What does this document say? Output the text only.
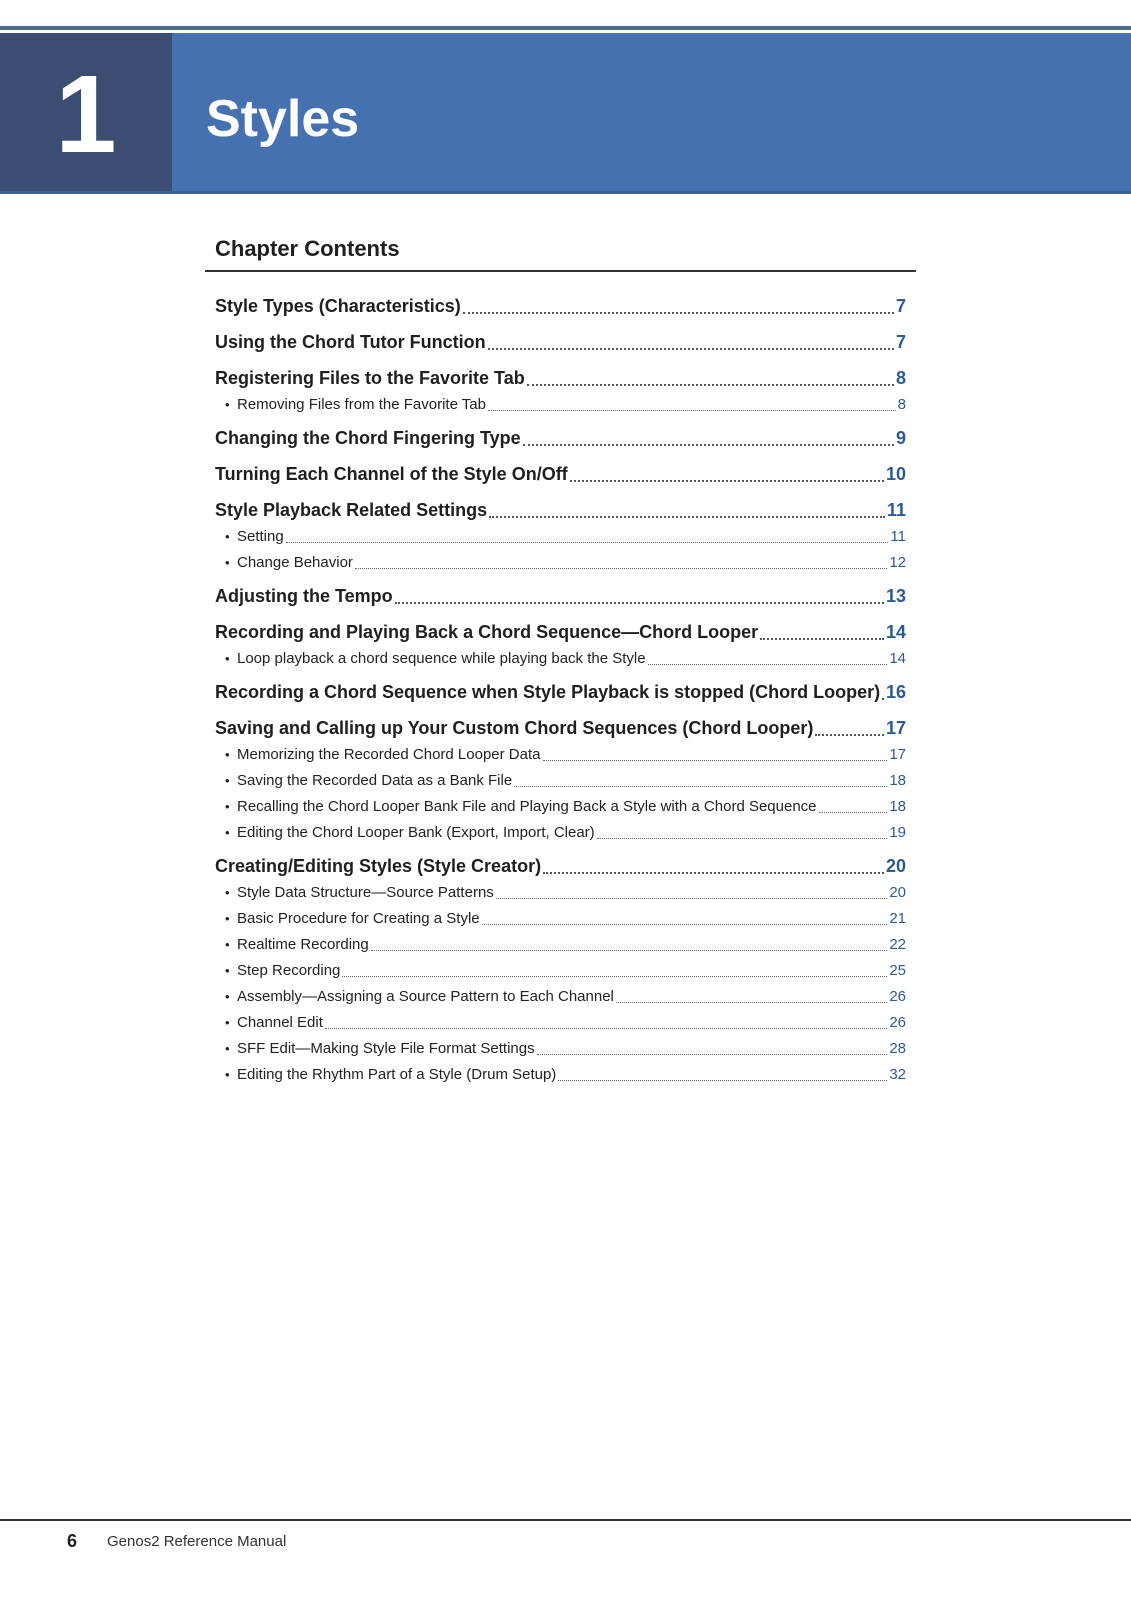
1 Styles
Chapter Contents
Style Types (Characteristics)	7
Using the Chord Tutor Function	7
Registering Files to the Favorite Tab	8
• Removing Files from the Favorite Tab	8
Changing the Chord Fingering Type	9
Turning Each Channel of the Style On/Off	10
Style Playback Related Settings	11
• Setting	11
• Change Behavior	12
Adjusting the Tempo	13
Recording and Playing Back a Chord Sequence—Chord Looper	14
• Loop playback a chord sequence while playing back the Style	14
Recording a Chord Sequence when Style Playback is stopped (Chord Looper) 16
Saving and Calling up Your Custom Chord Sequences (Chord Looper)	17
• Memorizing the Recorded Chord Looper Data	17
• Saving the Recorded Data as a Bank File	18
• Recalling the Chord Looper Bank File and Playing Back a Style with a Chord Sequence	18
• Editing the Chord Looper Bank (Export, Import, Clear)	19
Creating/Editing Styles (Style Creator)	20
• Style Data Structure—Source Patterns	20
• Basic Procedure for Creating a Style	21
• Realtime Recording	22
• Step Recording	25
• Assembly—Assigning a Source Pattern to Each Channel	26
• Channel Edit	26
• SFF Edit—Making Style File Format Settings	28
• Editing the Rhythm Part of a Style (Drum Setup)	32
6 Genos2 Reference Manual
